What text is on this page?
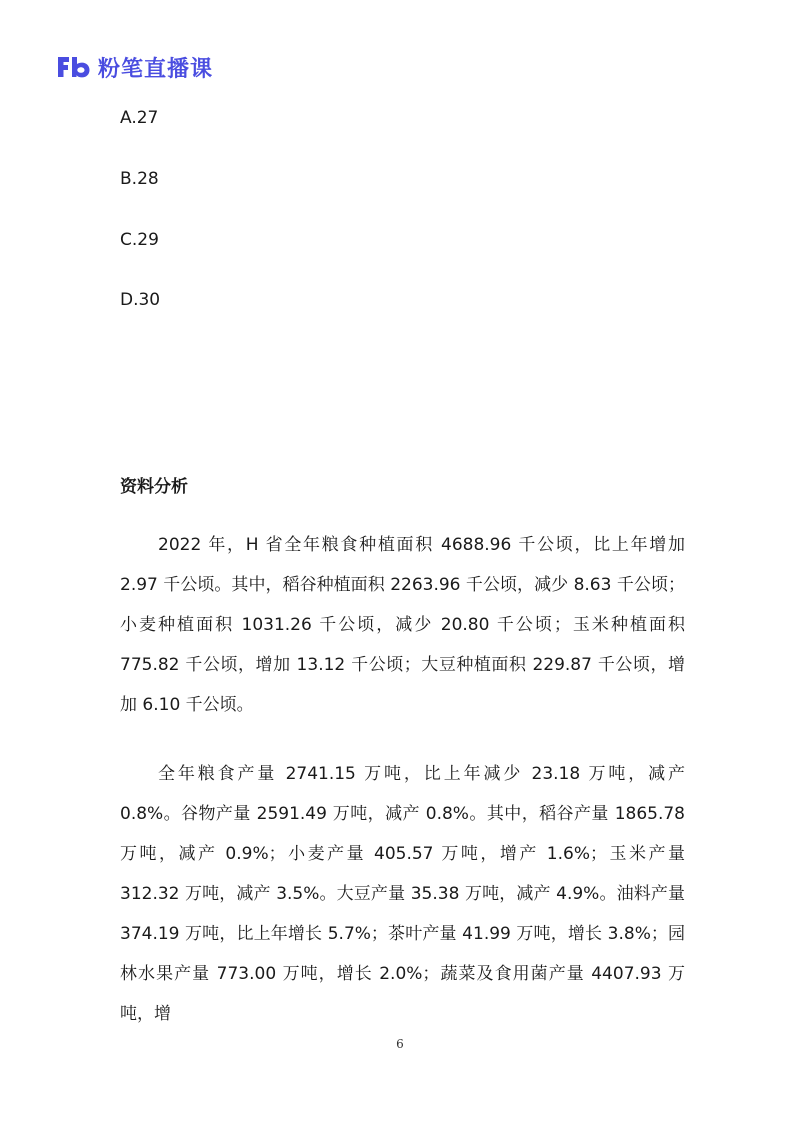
粉笔直播课
A.27
B.28
C.29
D.30
资料分析

2022 年，H 省全年粮食种植面积 4688.96 千公顷，比上年增加 2.97 千公顷。其中，稻谷种植面积 2263.96 千公顷，减少 8.63 千公顷；小麦种植面积 1031.26 千公顷，减少 20.80 千公顷；玉米种植面积 775.82 千公顷，增加 13.12 千公顷；大豆种植面积 229.87 千公顷，增加 6.10 千公顷。

全年粮食产量 2741.15 万吨，比上年减少 23.18 万吨，减产 0.8%。谷物产量 2591.49 万吨，减产 0.8%。其中，稻谷产量 1865.78 万吨，减产 0.9%；小麦产量 405.57 万吨，增产 1.6%；玉米产量 312.32 万吨，减产 3.5%。大豆产量 35.38 万吨，减产 4.9%。油料产量 374.19 万吨，比上年增长 5.7%；茶叶产量 41.99 万吨，增长 3.8%；园林水果产量 773.00 万吨，增长 2.0%；蔬菜及食用菌产量 4407.93 万吨，增

6
